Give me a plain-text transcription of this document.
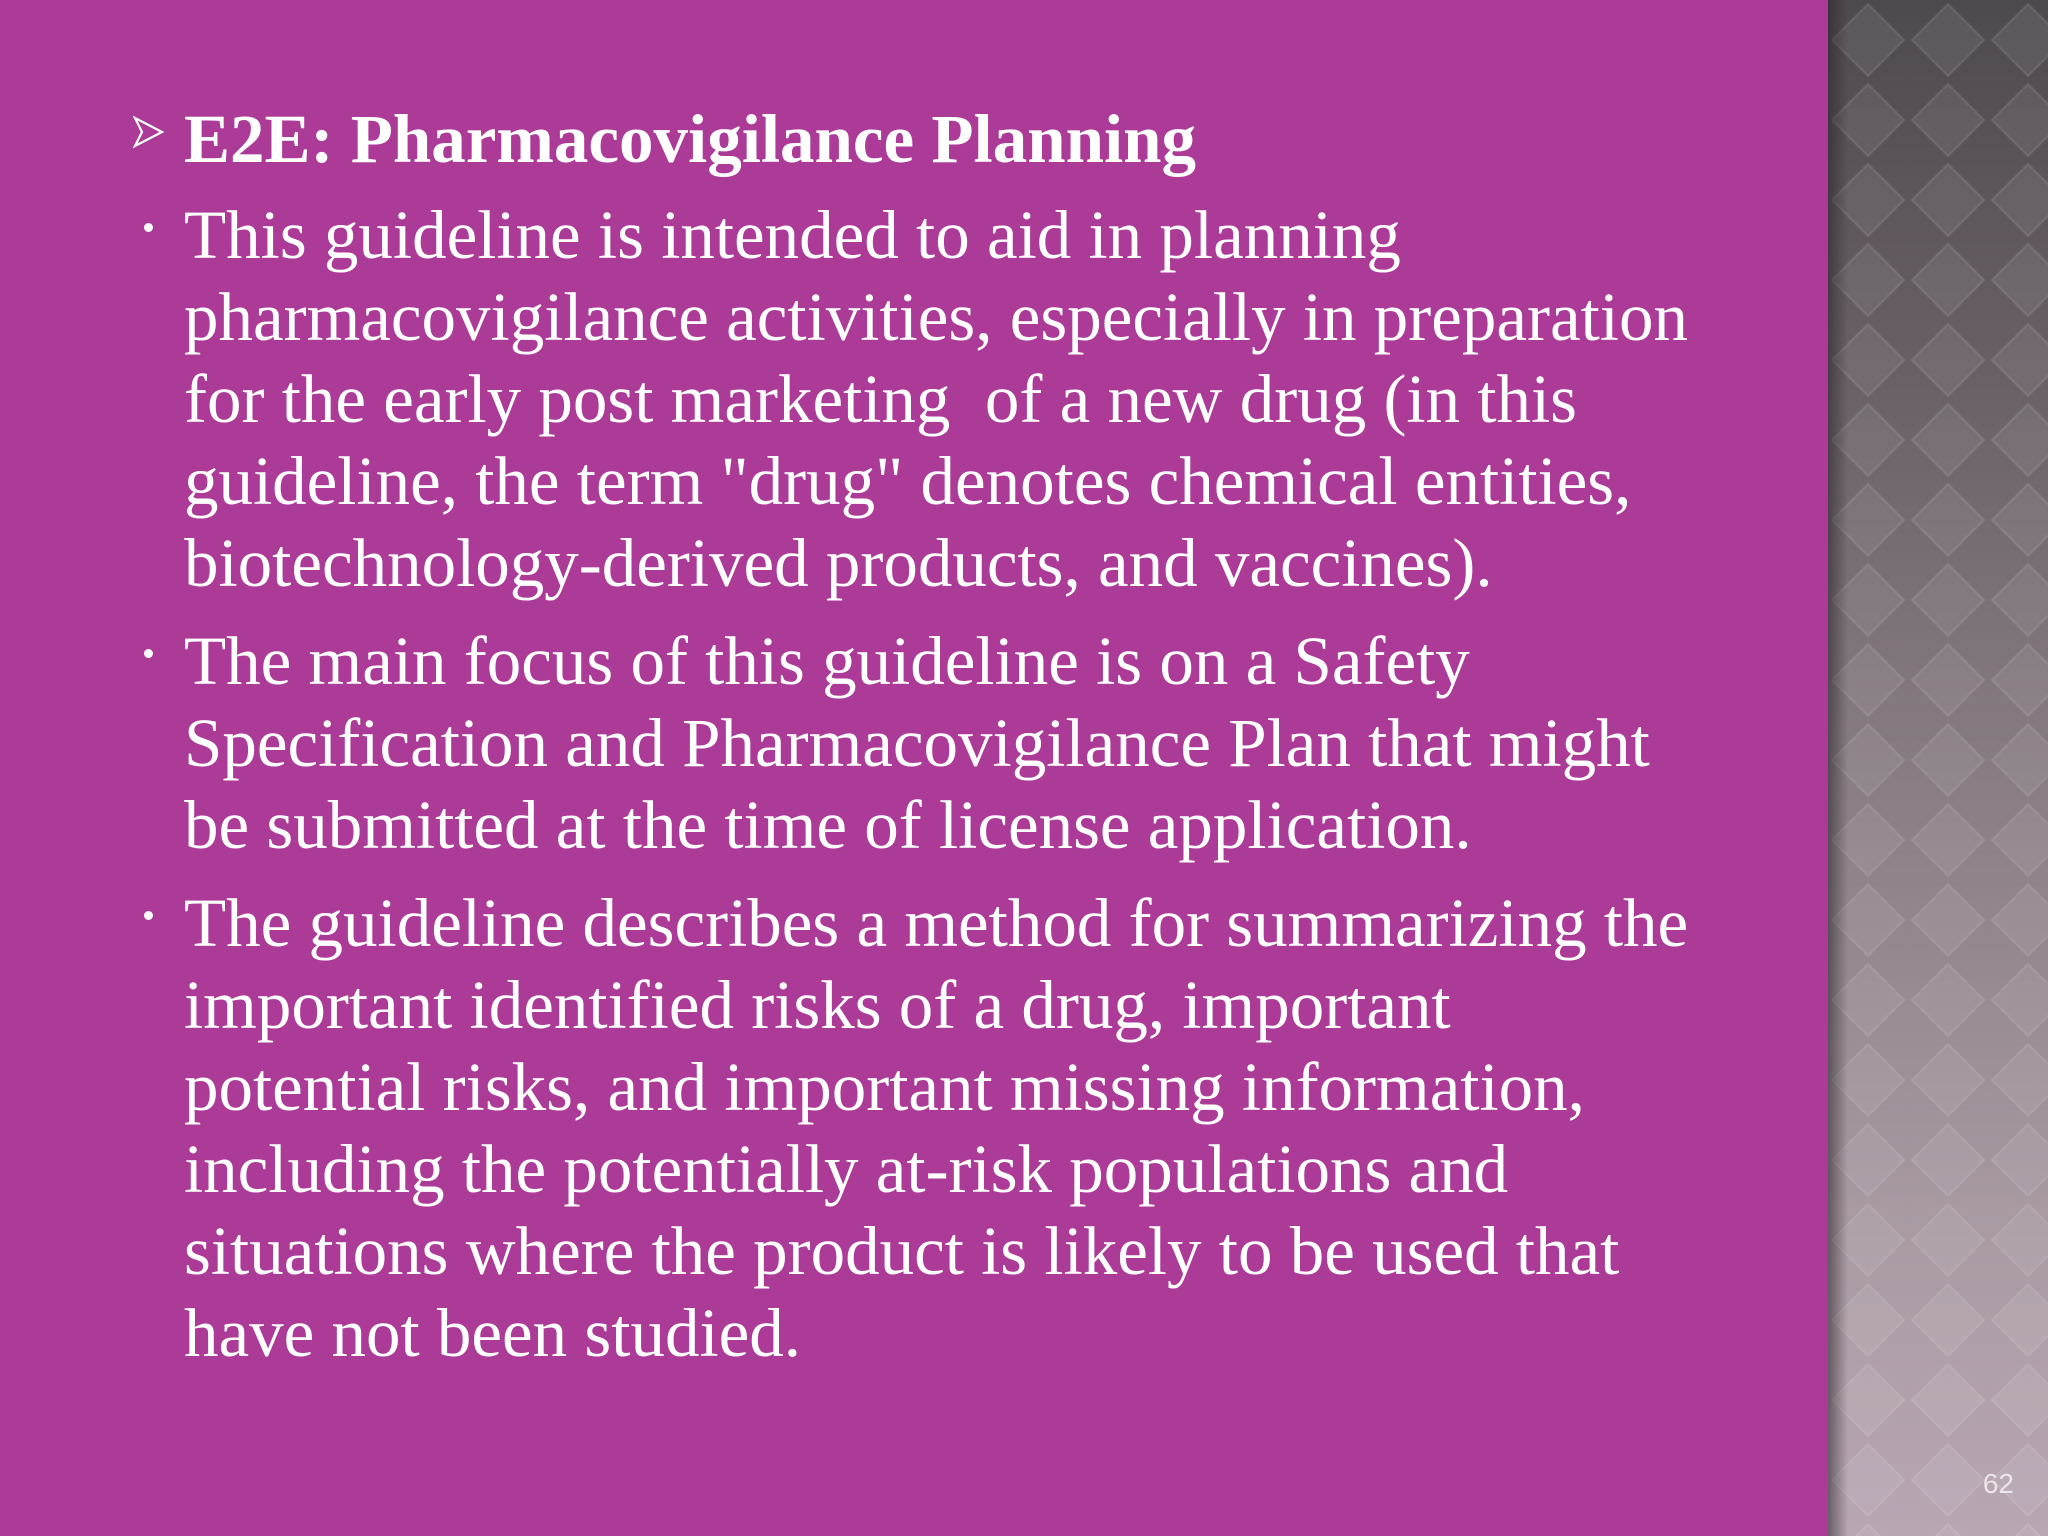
E2E: Pharmacovigilance Planning
This guideline is intended to aid in planning
pharmacovigilance activities, especially in preparation
for the early post marketing  of a new drug (in this
guideline, the term "drug" denotes chemical entities,
biotechnology-derived products, and vaccines).
The main focus of this guideline is on a Safety
Specification and Pharmacovigilance Plan that might
be submitted at the time of license application.
The guideline describes a method for summarizing the
important identified risks of a drug, important
potential risks, and important missing information,
including the potentially at-risk populations and
situations where the product is likely to be used that
have not been studied.
62
